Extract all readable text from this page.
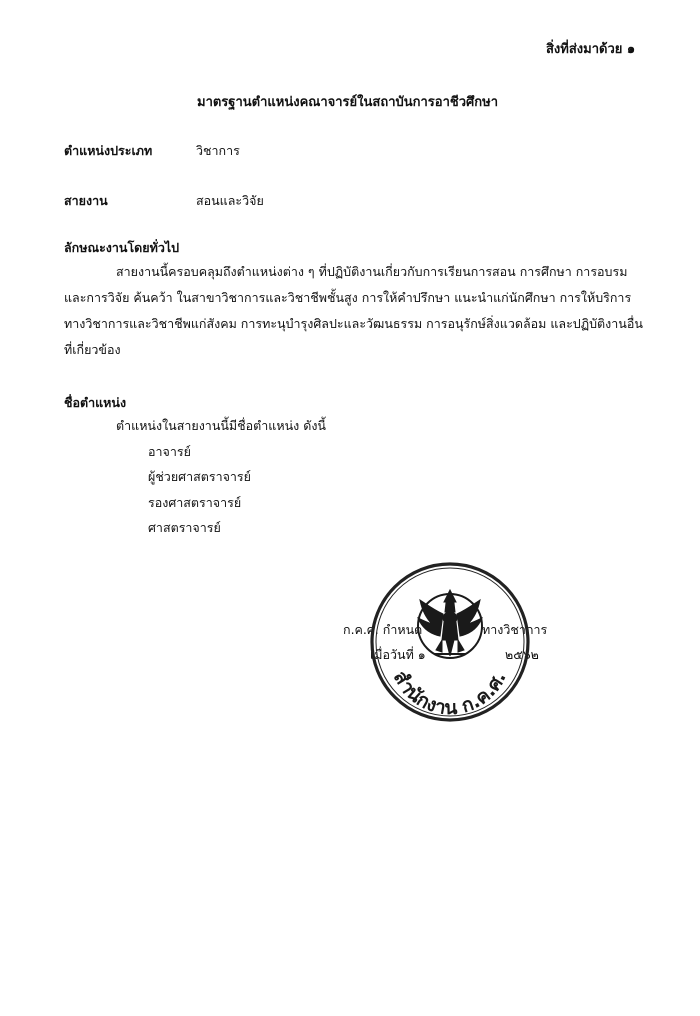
สิ่งที่ส่งมาด้วย ๑
มาตรฐานตำแหน่งคณาจารย์ในสถาบันการอาชีวศึกษา
ตำแหน่งประเภท	วิชาการ
สายงาน	สอนและวิจัย
ลักษณะงานโดยทั่วไป
สายงานนี้ครอบคลุมถึงตำแหน่งต่าง ๆ ที่ปฏิบัติงานเกี่ยวกับการเรียนการสอน การศึกษา การอบรม
และการวิจัย ค้นคว้า ในสาขาวิชาการและวิชาชีพชั้นสูง การให้คำปรึกษา แนะนำแก่นักศึกษา การให้บริการ
ทางวิชาการและวิชาชีพแก่สังคม การทะนุบำรุงศิลปะและวัฒนธรรม การอนุรักษ์สิ่งแวดล้อม และปฏิบัติงานอื่น
ที่เกี่ยวข้อง
ชื่อตำแหน่ง
ตำแหน่งในสายงานนี้มีชื่อตำแหน่ง ดังนี้
อาจารย์
ผู้ช่วยศาสตราจารย์
รองศาสตราจารย์
ศาสตราจารย์
ก.ค.ศ. กำหนด	ทางวิชาการ
เมื่อวันที่ ๑	๒๕๖๒
สำนักงาน ก.ค.ศ.
